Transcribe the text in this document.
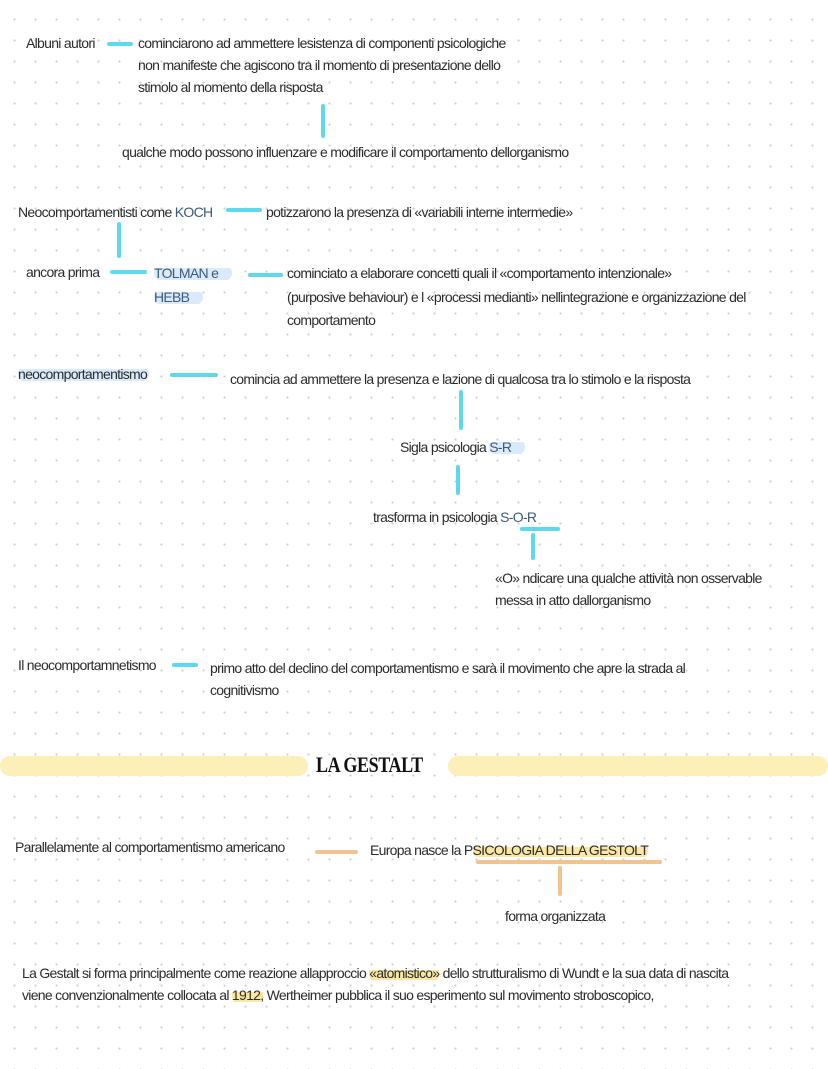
Albuni autori	cominciarono ad ammettere lesistenza di componenti psicologiche
non manifeste che agiscono tra il momento di presentazione dello
stimolo al momento della risposta
qualche modo possono influenzare e modificare il comportamento dellorganismo
Neocomportamentisti come KOCH	potizzarono la presenza di «variabili interne intermedie»
ancora prima	TOLMAN e
HEBB
cominciato a elaborare concetti quali il «comportamento intenzionale»
(purposive behaviour) e l «processi medianti» nellintegrazione e organizzazione del
comportamento
neocomportamentismo	comincia ad ammettere la presenza e lazione di qualcosa tra lo stimolo e la risposta
Sigla psicologia S-R
trasforma in psicologia S-O-R
«O» ndicare una qualche attività non osservable
messa in atto dallorganismo
Il neocomportamnetismo	primo atto del declino del comportamentismo e sarà il movimento che apre la strada al
cognitivismo
LA GESTALT
Parallelamente al comportamentismo americano	Europa nasce la PSICOLOGIA DELLA GESTOLT
forma organizzata
La Gestalt si forma principalmente come reazione allapproccio «atomistico» dello strutturalismo di Wundt e la sua data di nascita
viene convenzionalmente collocata al 1912, Wertheimer pubblica il suo esperimento sul movimento stroboscopico,
